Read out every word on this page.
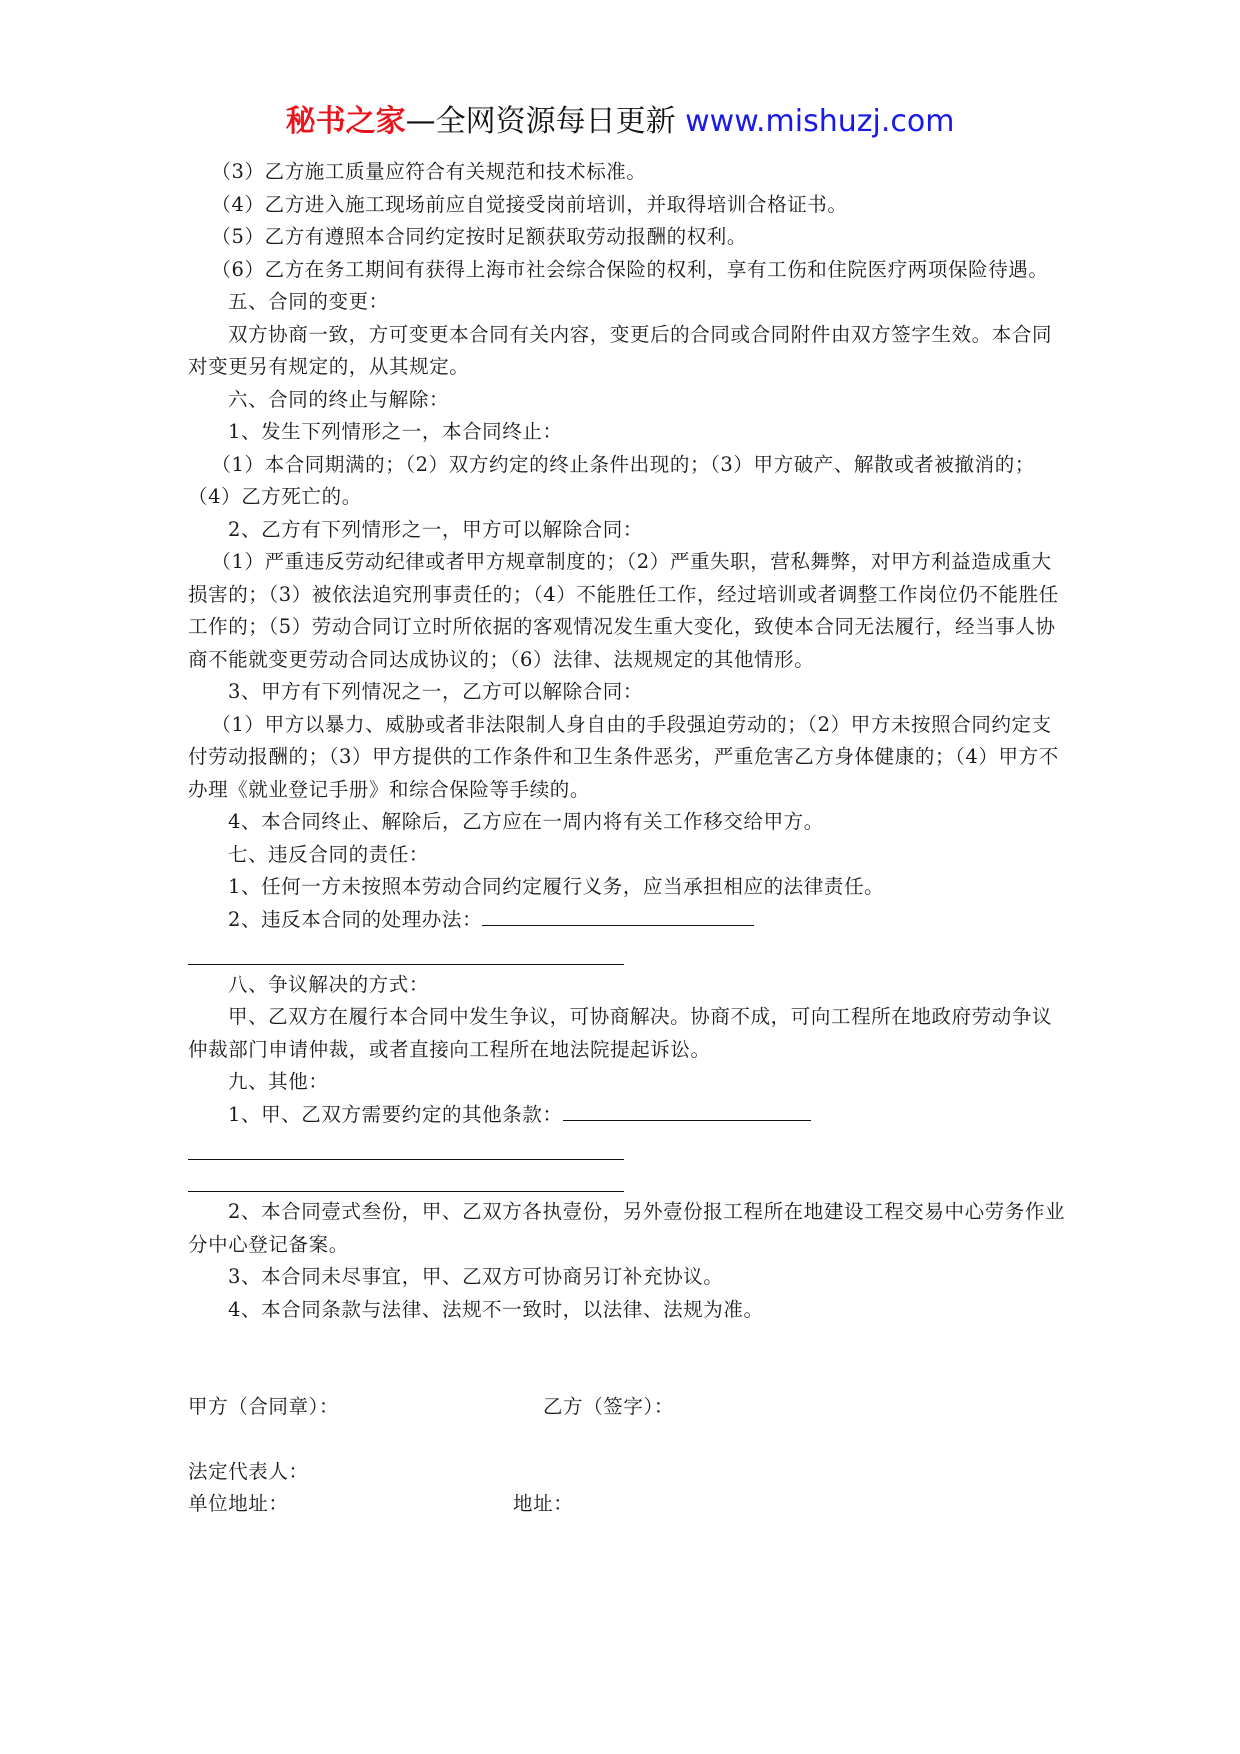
秘书之家—全网资源每日更新 www.mishuzj.com

（3）乙方施工质量应符合有关规范和技术标准。

（4）乙方进入施工现场前应自觉接受岗前培训，并取得培训合格证书。

（5）乙方有遵照本合同约定按时足额获取劳动报酬的权利。

（6）乙方在务工期间有获得上海市社会综合保险的权利，享有工伤和住院医疗两项保险待遇。

五、合同的变更：

双方协商一致，方可变更本合同有关内容，变更后的合同或合同附件由双方签字生效。本合同对变更另有规定的，从其规定。

六、合同的终止与解除：

1、发生下列情形之一，本合同终止：

（1）本合同期满的；（2）双方约定的终止条件出现的；（3）甲方破产、解散或者被撤消的；（4）乙方死亡的。

2、乙方有下列情形之一，甲方可以解除合同：

（1）严重违反劳动纪律或者甲方规章制度的；（2）严重失职，营私舞弊，对甲方利益造成重大损害的；（3）被依法追究刑事责任的；（4）不能胜任工作，经过培训或者调整工作岗位仍不能胜任工作的；（5）劳动合同订立时所依据的客观情况发生重大变化，致使本合同无法履行，经当事人协商不能就变更劳动合同达成协议的；（6）法律、法规规定的其他情形。

3、甲方有下列情况之一，乙方可以解除合同：

（1）甲方以暴力、威胁或者非法限制人身自由的手段强迫劳动的；（2）甲方未按照合同约定支付劳动报酬的；（3）甲方提供的工作条件和卫生条件恶劣，严重危害乙方身体健康的；（4）甲方不办理《就业登记手册》和综合保险等手续的。

4、本合同终止、解除后，乙方应在一周内将有关工作移交给甲方。

七、违反合同的责任：

1、任何一方未按照本劳动合同约定履行义务，应当承担相应的法律责任。

2、违反本合同的处理办法：

八、争议解决的方式：

甲、乙双方在履行本合同中发生争议，可协商解决。协商不成，可向工程所在地政府劳动争议仲裁部门申请仲裁，或者直接向工程所在地法院提起诉讼。

九、其他：

1、甲、乙双方需要约定的其他条款：

2、本合同壹式叁份，甲、乙双方各执壹份，另外壹份报工程所在地建设工程交易中心劳务作业分中心登记备案。

3、本合同未尽事宜，甲、乙双方可协商另订补充协议。

4、本合同条款与法律、法规不一致时，以法律、法规为准。

甲方（合同章）：	乙方（签字）：

法定代表人：

单位地址：	地址：
